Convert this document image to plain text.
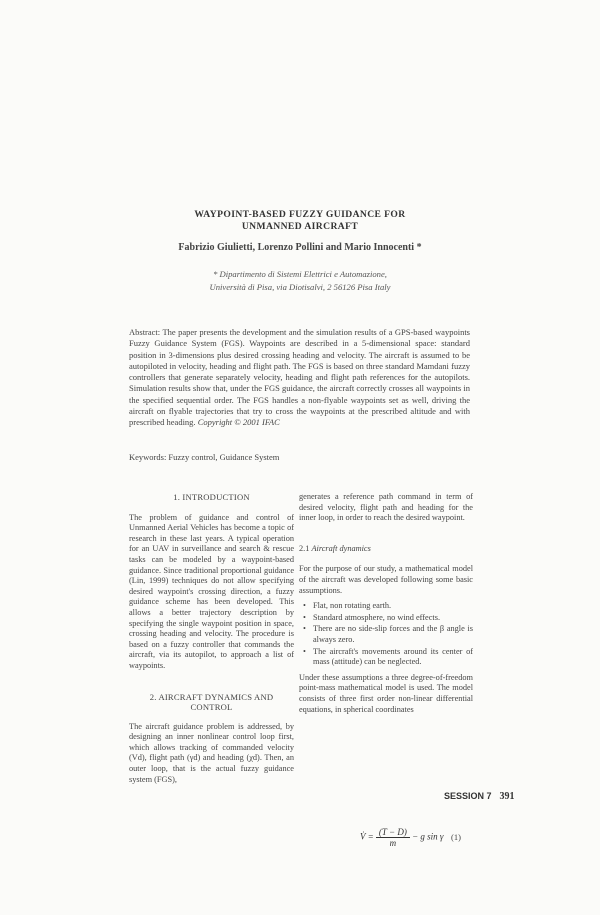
WAYPOINT-BASED FUZZY GUIDANCE FOR
UNMANNED AIRCRAFT
Fabrizio Giulietti, Lorenzo Pollini and Mario Innocenti *
* Dipartimento di Sistemi Elettrici e Automazione,
Università di Pisa, via Diotisalvi, 2 56126 Pisa Italy
Abstract: The paper presents the development and the simulation results of a GPS-based waypoints Fuzzy Guidance System (FGS). Waypoints are described in a 5-dimensional space: standard position in 3-dimensions plus desired crossing heading and velocity. The aircraft is assumed to be autopiloted in velocity, heading and flight path. The FGS is based on three standard Mamdani fuzzy controllers that generate separately velocity, heading and flight path references for the autopilots. Simulation results show that, under the FGS guidance, the aircraft correctly crosses all waypoints in the specified sequential order. The FGS handles a non-flyable waypoints set as well, driving the aircraft on flyable trajectories that try to cross the waypoints at the prescribed altitude and with prescribed heading. Copyright © 2001 IFAC
Keywords: Fuzzy control, Guidance System
1. INTRODUCTION
The problem of guidance and control of Unmanned Aerial Vehicles has become a topic of research in these last years. A typical operation for an UAV in surveillance and search & rescue tasks can be modeled by a waypoint-based guidance. Since traditional proportional guidance (Lin, 1999) techniques do not allow specifying desired waypoint's crossing direction, a fuzzy guidance scheme has been developed. This allows a better trajectory description by specifying the single waypoint position in space, crossing heading and velocity. The procedure is based on a fuzzy controller that commands the aircraft, via its autopilot, to approach a list of waypoints.
2. AIRCRAFT DYNAMICS AND CONTROL
The aircraft guidance problem is addressed, by designing an inner nonlinear control loop first, which allows tracking of commanded velocity (Vd), flight path (γd) and heading (χd). Then, an outer loop, that is the actual fuzzy guidance system (FGS),
generates a reference path command in term of desired velocity, flight path and heading for the inner loop, in order to reach the desired waypoint.
2.1 Aircraft dynamics
For the purpose of our study, a mathematical model of the aircraft was developed following some basic assumptions.
• Flat, non rotating earth.
• Standard atmosphere, no wind effects.
• There are no side-slip forces and the β angle is always zero.
• The aircraft's movements around its center of mass (attitude) can be neglected.
Under these assumptions a three degree-of-freedom point-mass mathematical model is used. The model consists of three first order non-linear differential equations, in spherical coordinates
V̇ = $\frac{(T - D)}{m} - g$ sin γ (1)
SESSION 7 391
